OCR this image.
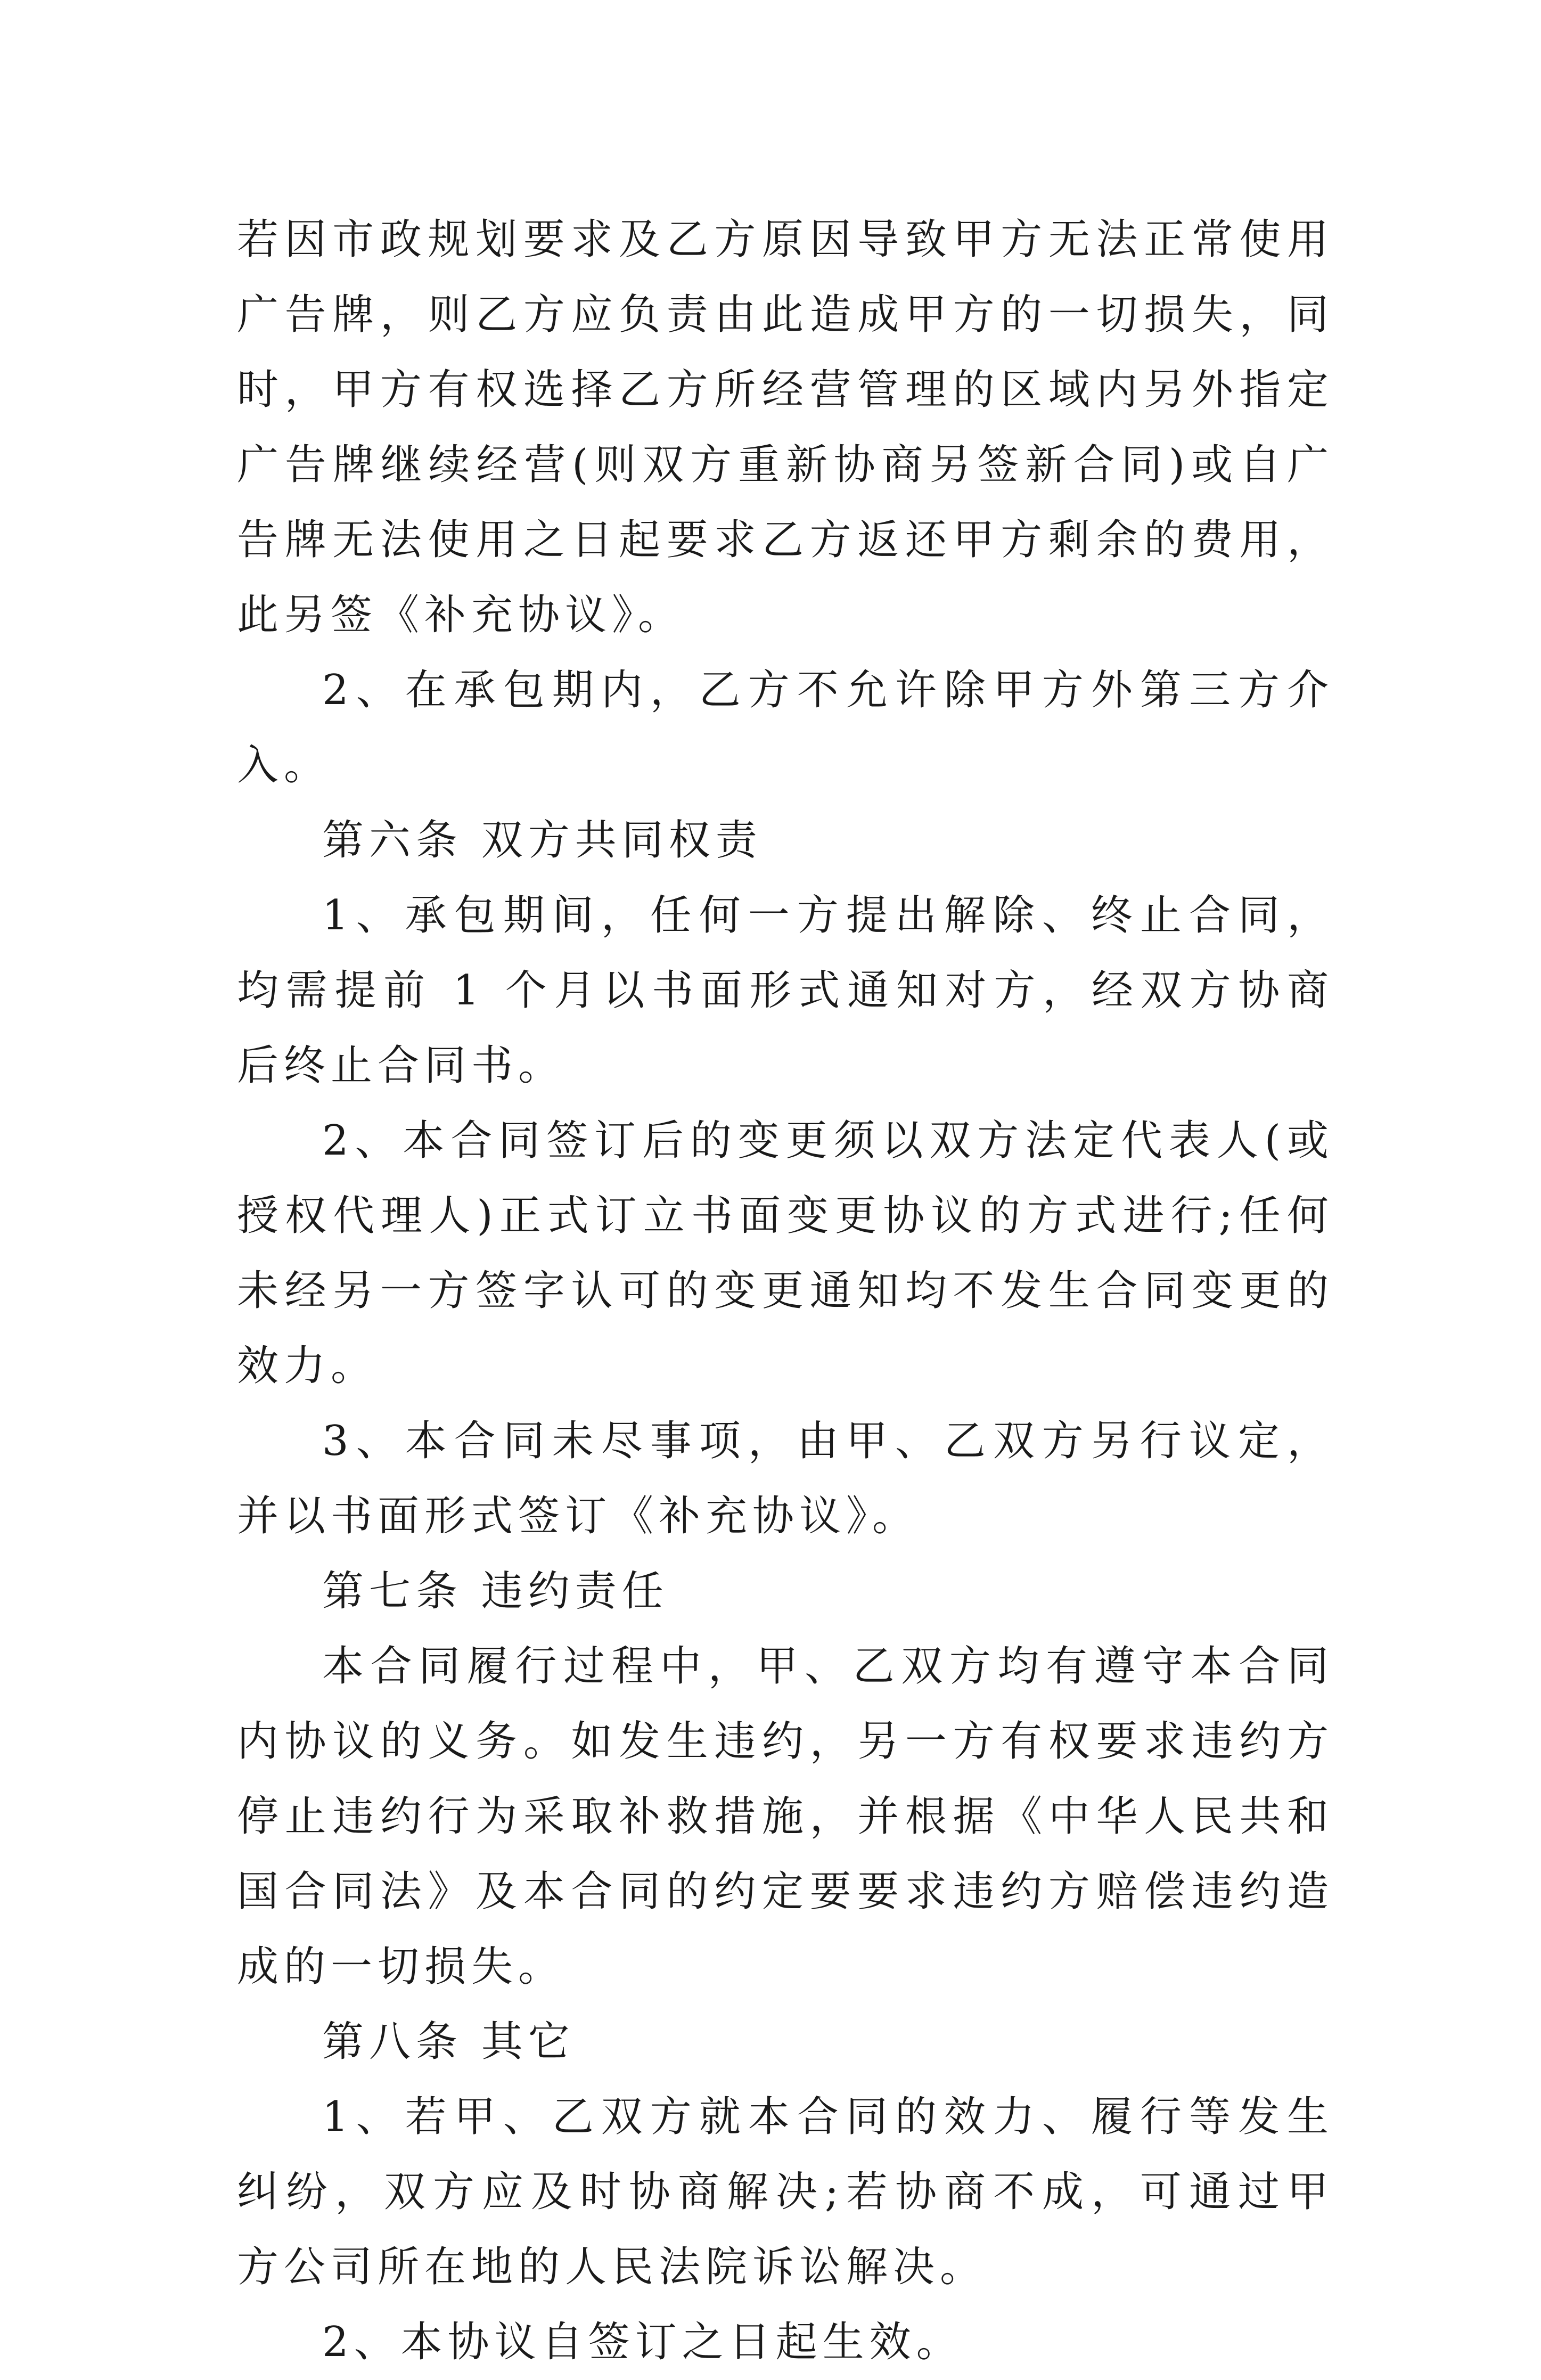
若因市政规划要求及乙方原因导致甲方无法正常使用广告牌，则乙方应负责由此造成甲方的一切损失，同时，甲方有权选择乙方所经营管理的区域内另外指定广告牌继续经营(则双方重新协商另签新合同)或自广告牌无法使用之日起要求乙方返还甲方剩余的费用，此另签《补充协议》。

2、在承包期内，乙方不允许除甲方外第三方介入。

第六条 双方共同权责

1、承包期间，任何一方提出解除、终止合同，均需提前 1 个月以书面形式通知对方，经双方协商后终止合同书。

2、本合同签订后的变更须以双方法定代表人(或授权代理人)正式订立书面变更协议的方式进行;任何未经另一方签字认可的变更通知均不发生合同变更的效力。

3、本合同未尽事项，由甲、乙双方另行议定，并以书面形式签订《补充协议》。

第七条 违约责任

本合同履行过程中，甲、乙双方均有遵守本合同内协议的义务。如发生违约，另一方有权要求违约方停止违约行为采取补救措施，并根据《中华人民共和国合同法》及本合同的约定要要求违约方赔偿违约造成的一切损失。

第八条 其它

1、若甲、乙双方就本合同的效力、履行等发生纠纷，双方应及时协商解决;若协商不成，可通过甲方公司所在地的人民法院诉讼解决。

2、本协议自签订之日起生效。
